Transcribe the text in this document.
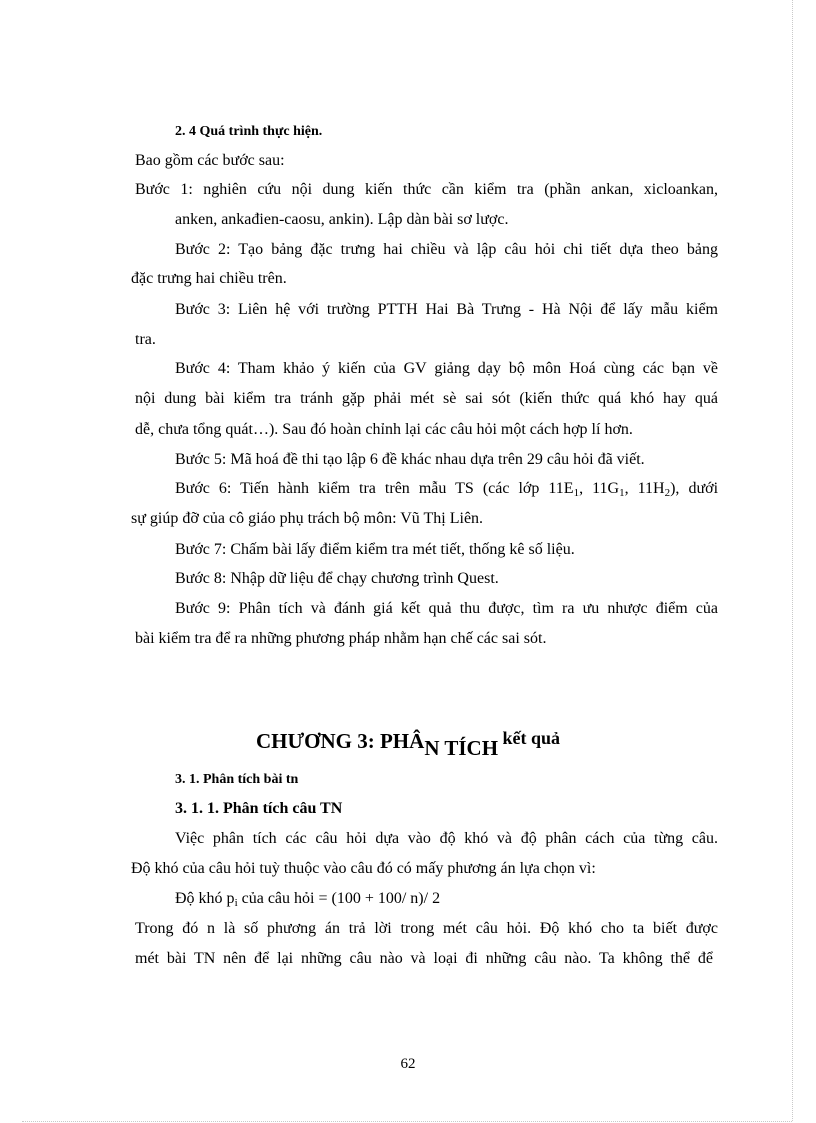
2. 4 Quá trình thực hiện.
Bao gồm các bước sau:
Bước 1: nghiên cứu nội dung kiến thức cần kiểm tra (phần ankan, xicloankan,
anken, ankađien-caosu, ankin). Lập dàn bài sơ lược.
Bước 2: Tạo bảng đặc trưng hai chiều và lập câu hỏi chi tiết dựa theo bảng
đặc trưng hai chiều trên.
Bước 3: Liên hệ với trường PTTH Hai Bà Trưng - Hà Nội để lấy mẫu kiểm
tra.
Bước 4: Tham khảo ý kiến của GV giảng dạy bộ môn Hoá cùng các bạn về
nội dung bài kiểm tra tránh gặp phải mét sè sai sót (kiến thức quá khó hay quá
dễ, chưa tổng quát…). Sau đó hoàn chỉnh lại các câu hỏi một cách hợp lí hơn.
Bước 5: Mã hoá đề thi tạo lập 6 đề khác nhau dựa trên 29 câu hỏi đã viết.
Bước 6: Tiến hành kiểm tra trên mẫu TS (các lớp $11E_1$, $11G_1$, $11H_2$), dưới
sự giúp đỡ của cô giáo phụ trách bộ môn: Vũ Thị Liên.
Bước 7: Chấm bài lấy điểm kiểm tra mét tiết, thống kê số liệu.
Bước 8: Nhập dữ liệu để chạy chương trình Quest.
Bước 9: Phân tích và đánh giá kết quả thu được, tìm ra ưu nhược điểm của
bài kiểm tra để ra những phương pháp nhằm hạn chế các sai sót.
CHƯƠNG 3: PHÂN TÍCH kết quả
3. 1. Phân tích bài tn
3. 1. 1. Phân tích câu TN
Việc phân tích các câu hỏi dựa vào độ khó và độ phân cách của từng câu.
Độ khó của câu hỏi tuỳ thuộc vào câu đó có mấy phương án lựa chọn vì:
Độ khó $p_i$ của câu hỏi = (100 + 100/ n)/ 2
Trong đó n là số phương án trả lời trong mét câu hỏi. Độ khó cho ta biết được
mét bài TN nên để lại những câu nào và loại đi những câu nào. Ta không thể để
62
